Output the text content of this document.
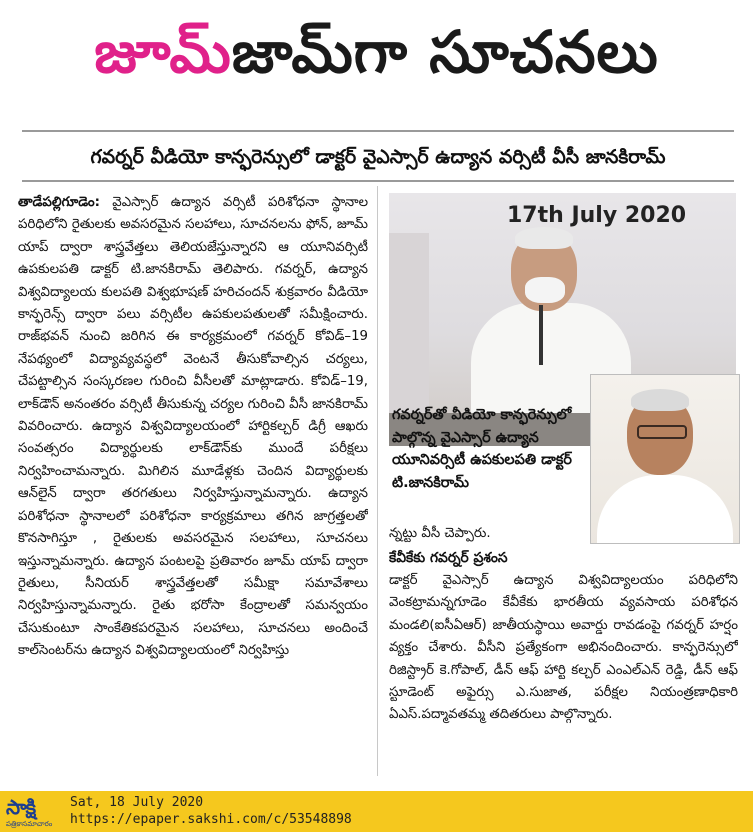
జూమ్ జామ్‌గా సూచనలు
గవర్నర్ వీడియో కాన్ఫరెన్సులో డాక్టర్ వైఎస్సార్ ఉద్యాన వర్సిటీ వీసీ జానకిరామ్
తాడేపల్లిగూడెం: వైఎస్సార్ ఉద్యాన వర్సిటీ పరిశోధనా స్థానాల పరిధిలోని రైతులకు అవసరమైన సలహాలు, సూచనలను ఫోన్, జూమ్ యాప్ ద్వారా శాస్త్రవేత్తలు తెలియజేస్తున్నారని ఆ యూనివర్సిటీ ఉపకులపతి డాక్టర్ టి.జానకిరామ్ తెలిపారు. గవర్నర్, ఉద్యాన విశ్వవిద్యాలయ కులపతి విశ్వభూషణ్ హరిచందన్ శుక్రవారం వీడియో కాన్ఫరెన్స్ ద్వారా పలు వర్సిటీల ఉపకులపతులతో సమీక్షించారు. రాజ్‌భవన్ నుంచి జరిగిన ఈ కార్యక్రమంలో గవర్నర్ కోవిడ్–19 నేపథ్యంలో విద్యావ్యవస్థలో వెంటనే తీసుకోవాల్సిన చర్యలు, చేపట్టాల్సిన సంస్కరణల గురించి వీసీలతో మాట్లాడారు. కోవిడ్–19, లాక్‌డౌన్ అనంతరం వర్సిటీ తీసుకున్న చర్యల గురించి వీసీ జానకిరామ్ వివరించారు. ఉద్యాన విశ్వవిద్యాలయంలో హార్టికల్చర్ డిగ్రీ ఆఖరు సంవత్సరం విద్యార్థులకు లాక్‌డౌన్‌కు ముందే పరీక్షలు నిర్వహించామన్నారు. మిగిలిన మూడేళ్లకు చెందిన విద్యార్థులకు ఆన్‌లైన్ ద్వారా తరగతులు నిర్వహిస్తున్నామన్నారు. ఉద్యాన పరిశోధనా స్థానాలలో పరిశోధనా కార్యక్రమాలు తగిన జాగ్రత్తలతో కొనసాగిస్తూ , రైతులకు అవసరమైన సలహాలు, సూచనలు ఇస్తున్నామన్నారు. ఉద్యాన పంటలపై ప్రతివారం జూమ్ యాప్ ద్వారా రైతులు, సీనియర్ శాస్త్రవేత్తలతో సమీక్షా సమావేశాలు నిర్వహిస్తున్నామన్నారు. రైతు భరోసా కేంద్రాలతో సమన్వయం చేసుకుంటూ సాంకేతికపరమైన సలహాలు, సూచనలు అందించే కాల్‌సెంటర్‌ను ఉద్యాన విశ్వవిద్యాలయంలో నిర్వహిస్తు
17th July 2020
గవర్నర్‌తో వీడియో కాన్ఫరెన్సులో పాల్గొన్న వైఎస్సార్ ఉద్యాన యూనివర్సిటీ ఉపకులపతి డాక్టర్ టి.జానకిరామ్
న్నట్టు వీసీ చెప్పారు.
కేవీకేకు గవర్నర్ ప్రశంస
డాక్టర్ వైఎస్సార్ ఉద్యాన విశ్వవిద్యాలయం పరిధిలోని వెంకట్రామన్నగూడెం కేవీకేకు భారతీయ వ్యవసాయ పరిశోధన మండలి(ఐసీఏఆర్) జాతీయస్థాయి అవార్డు రావడంపై గవర్నర్ హర్షం వ్యక్తం చేశారు. వీసీని ప్రత్యేకంగా అభినందించారు. కాన్ఫరెన్సులో రిజిస్ట్రార్ కె.గోపాల్, డీన్ ఆఫ్ హార్టి కల్చర్ ఎంఎల్ఎన్ రెడ్డి, డీన్ ఆఫ్ స్టూడెంట్ అఫైర్సు ఎ.సుజాత, పరీక్షల నియంత్రణాధికారి ఏఎస్.పద్మావతమ్మ తదితరులు పాల్గొన్నారు.
సాక్షి
పత్రికాసమాచారం
Sat, 18 July 2020
https://epaper.sakshi.com/c/53548898
